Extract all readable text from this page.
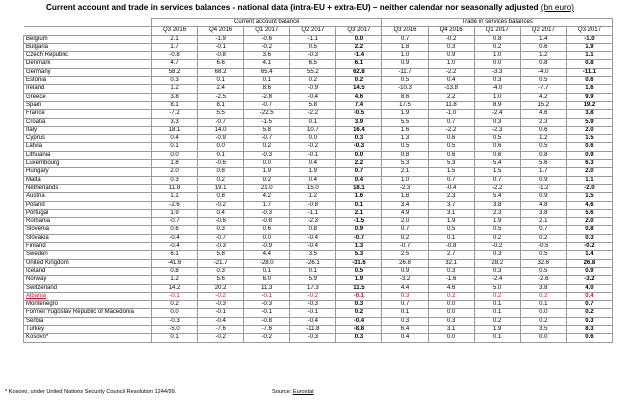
Current account and trade in services balances - national data (intra-EU + extra-EU) – neither calendar nor seasonally adjusted (bn euro)
	Current account balance					Trade in services balances				
	Q3 2016	Q4 2016	Q1 2017	Q2 2017	Q3 2017	Q3 2016	Q4 2016	Q1 2017	Q2 2017	Q3 2017
Belgium	2.1	-1.9	-0.6	-1.1	0.0	0.7	-0.2	0.8	1.4	-1.0
Bulgaria	1.7	-0.1	-0.2	0.5	2.2	1.8	0.3	0.2	0.6	1.9
Czech Republic	-0.8	-0.8	3.6	-0.3	-1.4	1.0	0.9	1.0	1.2	1.1
Denmark	4.7	6.6	4.1	6.5	6.1	0.9	1.0	0.0	0.8	0.8
Germany	58.2	68.2	65.4	55.2	62.8	-11.7	-2.2	-3.3	-4.0	-11.1
Estonia	0.3	0.1	0.1	0.2	0.2	0.5	0.4	0.3	0.5	0.6
Ireland	1.2	2.4	8.6	-0.9	14.5	-10.3	-13.8	-4.0	-7.7	1.6
Greece	3.8	-2.5	-2.8	-0.4	4.6	8.6	2.2	1.0	4.2	9.9
Spain	8.1	8.1	-0.7	5.8	7.4	17.5	11.8	8.9	15.2	19.2
France	-7.2	5.5	-22.5	-2.2	-0.5	1.9	-1.0	-2.4	4.6	3.8
Croatia	3.3	-0.7	-1.5	0.1	3.9	5.5	0.7	0.3	2.3	5.9
Italy	18.1	14.0	5.8	10.7	16.4	1.6	-2.2	-2.3	0.6	2.0
Cyprus	0.4	-0.9	-0.7	0.0	0.3	1.3	0.6	0.5	1.2	1.5
Latvia	0.1	0.0	0.2	-0.2	-0.3	0.5	0.5	0.6	0.5	0.6
Lithuania	0.0	0.1	-0.3	-0.1	0.0	0.8	0.6	0.6	0.8	0.9
Luxembourg	1.8	-0.6	0.0	0.4	2.2	5.3	5.3	5.4	5.6	6.3
Hungary	2.0	0.8	1.9	1.9	0.7	2.1	1.5	1.5	1.7	2.0
Malta	0.3	0.2	0.2	0.4	0.4	1.0	0.7	0.7	0.9	1.1
Netherlands	11.8	19.1	21.0	15.0	18.1	-2.3	-0.4	-2.2	-1.2	-2.0
Austria	1.1	0.8	4.2	1.2	1.6	1.8	2.3	5.4	0.9	1.5
Poland	-2.6	-0.2	1.7	-0.8	0.1	3.4	3.7	3.8	4.8	4.6
Portugal	1.9	0.4	-0.3	-1.1	2.1	4.9	3.1	2.3	3.8	5.6
Romania	-0.7	-0.6	-0.8	-2.3	-1.5	2.0	1.9	1.9	2.1	2.0
Slovenia	0.6	0.3	0.6	0.8	0.9	0.7	0.5	0.5	0.7	0.8
Slovakia	-0.4	-0.7	0.0	-0.4	-0.7	0.2	0.1	0.2	0.2	0.3
Finland	-0.4	-0.3	-0.9	-0.4	1.3	-0.7	-0.8	-0.2	-0.5	-0.2
Sweden	6.1	5.8	4.4	3.5	5.3	2.5	2.7	0.3	0.5	1.4
United Kingdom	-41.6	-21.7	-28.0	-26.1	-31.6	26.8	32.1	28.2	32.6	26.8
Iceland	0.8	0.3	0.1	0.1	0.5	0.9	0.3	0.3	0.5	0.9
Norway	1.2	5.6	6.0	5.9	1.9	-3.2	-1.6	-2.4	-2.6	-3.2
Switzerland	14.2	20.2	11.3	17.3	11.5	4.4	4.6	5.0	3.8	4.0
Albania	-0.1	-0.2	-0.1	-0.2	-0.1	0.3	0.2	0.2	0.2	0.4
Montenegro	0.2	-0.3	-0.3	-0.3	0.3	0.7	0.0	0.1	0.1	0.7
Former Yugoslav Republic of Macedonia	0.0	-0.1	-0.1	-0.1	0.2	0.1	0.0	0.1	0.0	0.2
Serbia	-0.3	-0.4	-0.8	-0.4	-0.4	0.3	0.3	0.2	0.2	0.3
Turkey	-5.0	-7.6	-7.6	-11.8	-8.8	6.4	3.1	1.9	3.5	8.3
Kosovo*	0.1	-0.2	-0.2	-0.3	0.3	0.4	0.0	0.1	0.0	0.6
* Kosovo, under United Nations Security Council Resolution 1244/99.	Source: Eurostat
